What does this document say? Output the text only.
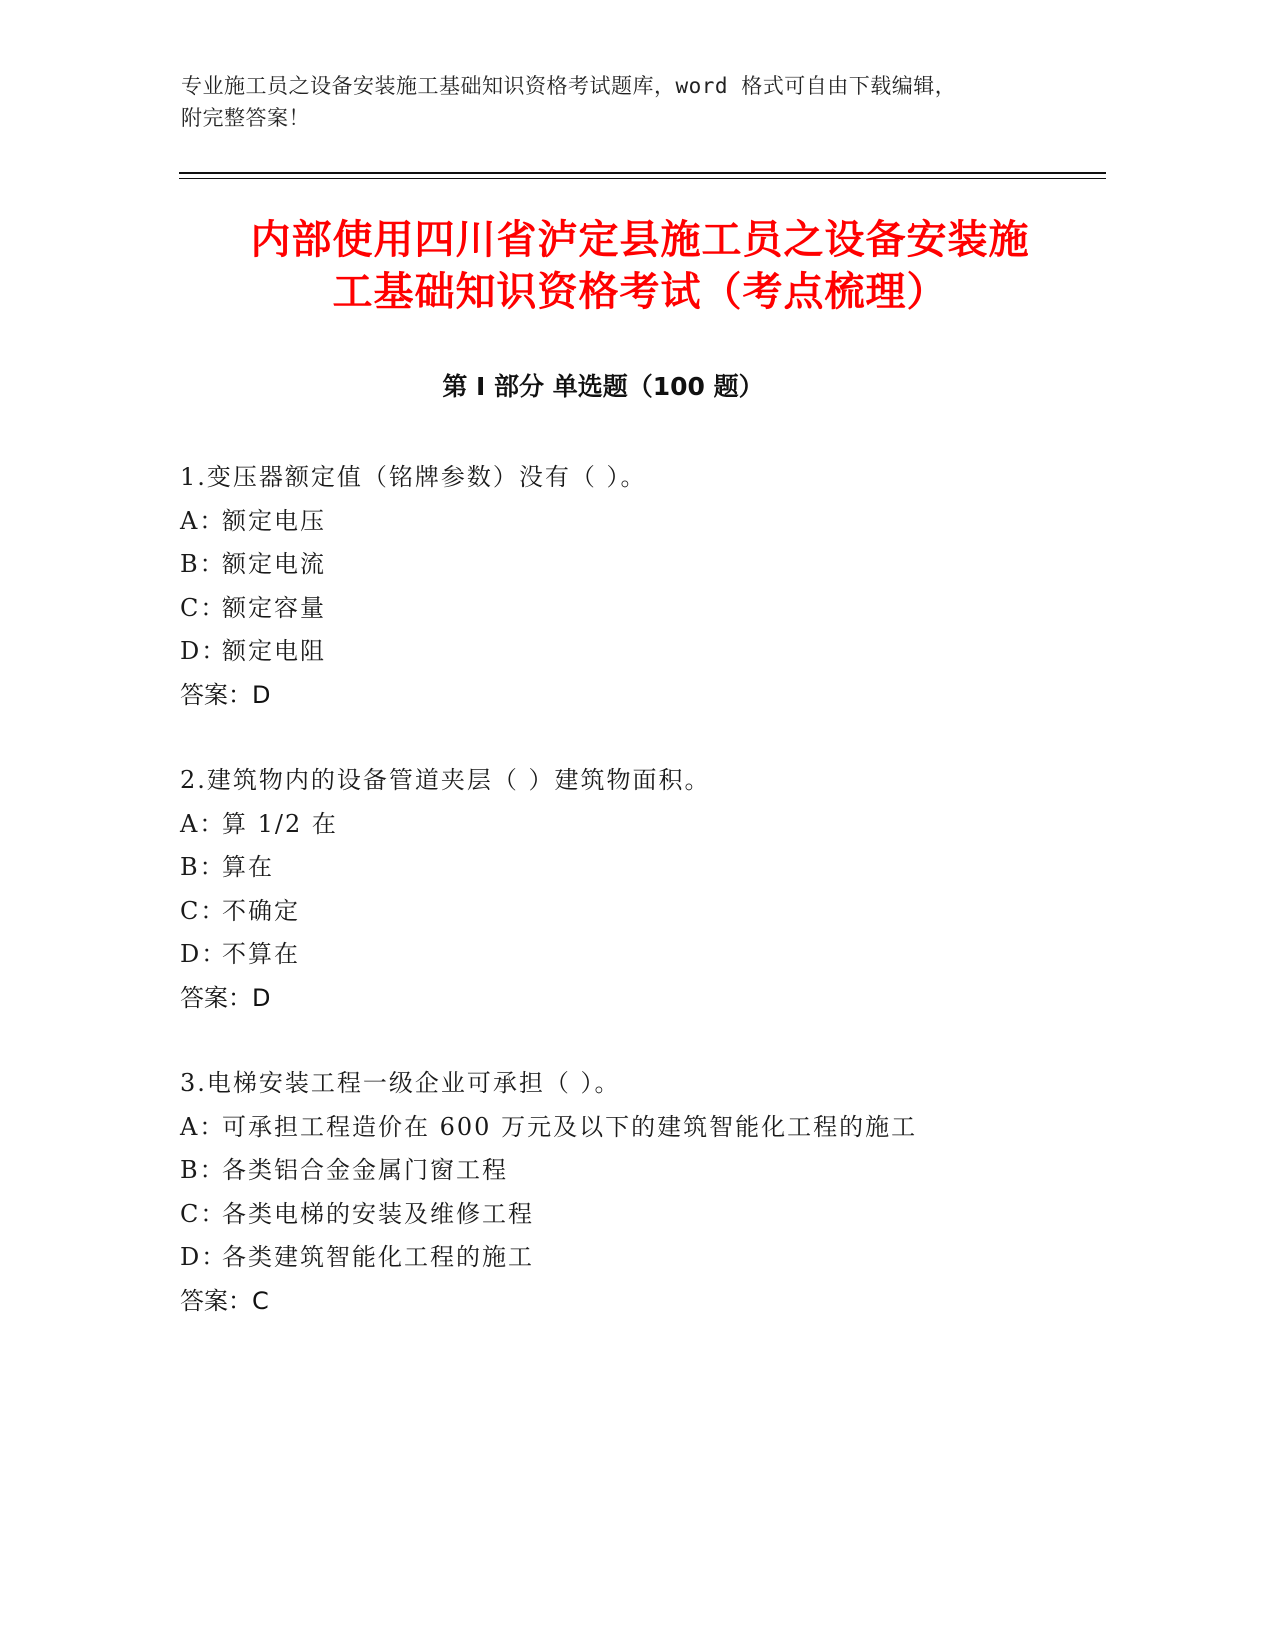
专业施工员之设备安装施工基础知识资格考试题库，word 格式可自由下载编辑，
附完整答案！
内部使用四川省泸定县施工员之设备安装施
工基础知识资格考试（考点梳理）
第 I 部分 单选题（100 题）
1.变压器额定值（铭牌参数）没有（ ）。
A：额定电压
B：额定电流
C：额定容量
D：额定电阻
答案：D
2.建筑物内的设备管道夹层（ ）建筑物面积。
A：算 1/2 在
B：算在
C：不确定
D：不算在
答案：D
3.电梯安装工程一级企业可承担（ ）。
A：可承担工程造价在 600 万元及以下的建筑智能化工程的施工
B：各类铝合金金属门窗工程
C：各类电梯的安装及维修工程
D：各类建筑智能化工程的施工
答案：C
